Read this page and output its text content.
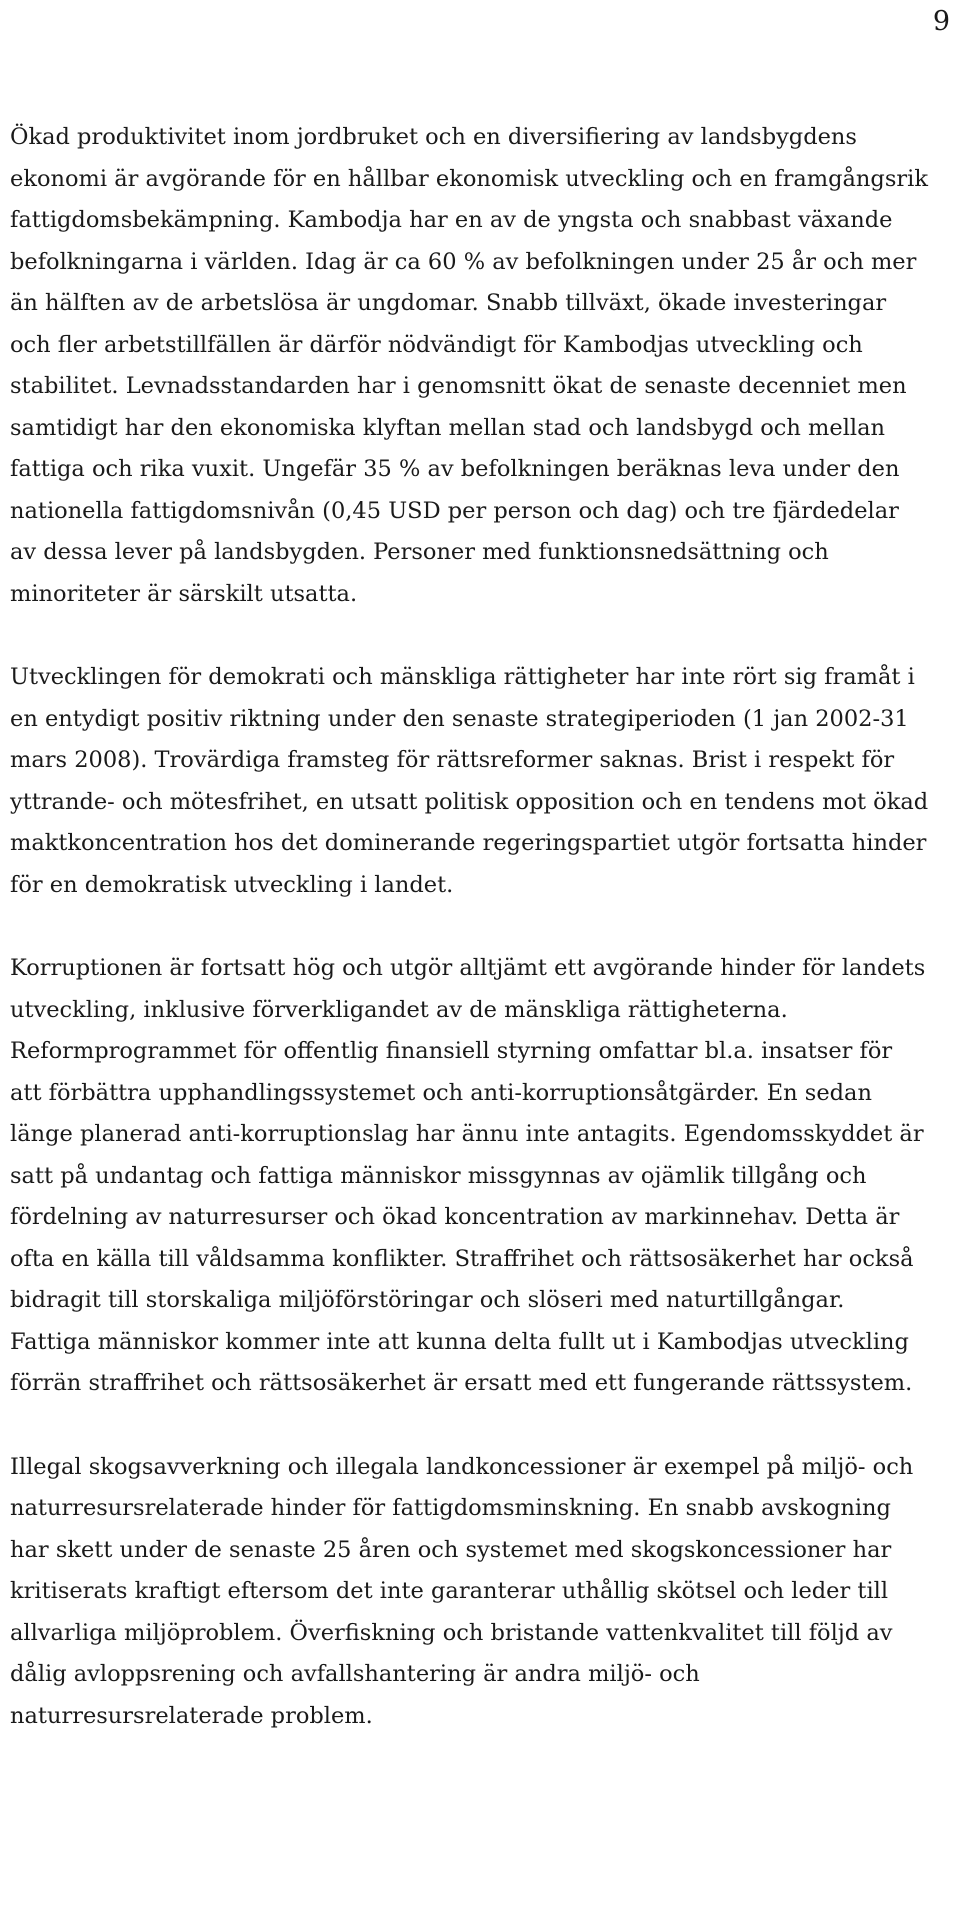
9

Ökad produktivitet inom jordbruket och en diversifiering av landsbygdens ekonomi är avgörande för en hållbar ekonomisk utveckling och en framgångsrik fattigdomsbekämpning. Kambodja har en av de yngsta och snabbast växande befolkningarna i världen. Idag är ca 60 % av befolkningen under 25 år och mer än hälften av de arbetslösa är ungdomar. Snabb tillväxt, ökade investeringar och fler arbetstillfällen är därför nödvändigt för Kambodjas utveckling och stabilitet. Levnadsstandarden har i genomsnitt ökat de senaste decenniet men samtidigt har den ekonomiska klyftan mellan stad och landsbygd och mellan fattiga och rika vuxit. Ungefär 35 % av befolkningen beräknas leva under den nationella fattigdomsnivån (0,45 USD per person och dag) och tre fjärdedelar av dessa lever på landsbygden. Personer med funktionsnedsättning och minoriteter är särskilt utsatta.

Utvecklingen för demokrati och mänskliga rättigheter har inte rört sig framåt i en entydigt positiv riktning under den senaste strategiperioden (1 jan 2002-31 mars 2008). Trovärdiga framsteg för rättsreformer saknas. Brist i respekt för yttrande- och mötesfrihet, en utsatt politisk opposition och en tendens mot ökad maktkoncentration hos det dominerande regeringspartiet utgör fortsatta hinder för en demokratisk utveckling i landet.

Korruptionen är fortsatt hög och utgör alltjämt ett avgörande hinder för landets utveckling, inklusive förverkligandet av de mänskliga rättigheterna. Reformprogrammet för offentlig finansiell styrning omfattar bl.a. insatser för att förbättra upphandlingssystemet och anti-korruptionsåtgärder. En sedan länge planerad anti-korruptionslag har ännu inte antagits. Egendomsskyddet är satt på undantag och fattiga människor missgynnas av ojämlik tillgång och fördelning av naturresurser och ökad koncentration av markinnehav. Detta är ofta en källa till våldsamma konflikter. Straffrihet och rättsosäkerhet har också bidragit till storskaliga miljöförstöringar och slöseri med naturtillgångar. Fattiga människor kommer inte att kunna delta fullt ut i Kambodjas utveckling förrän straffrihet och rättsosäkerhet är ersatt med ett fungerande rättssystem.

Illegal skogsavverkning och illegala landkoncessioner är exempel på miljö- och naturresursrelaterade hinder för fattigdomsminskning. En snabb avskogning har skett under de senaste 25 åren och systemet med skogskoncessioner har kritiserats kraftigt eftersom det inte garanterar uthållig skötsel och leder till allvarliga miljöproblem. Överfiskning och bristande vattenkvalitet till följd av dålig avloppsrening och avfallshantering är andra miljö- och naturresursrelaterade problem.
